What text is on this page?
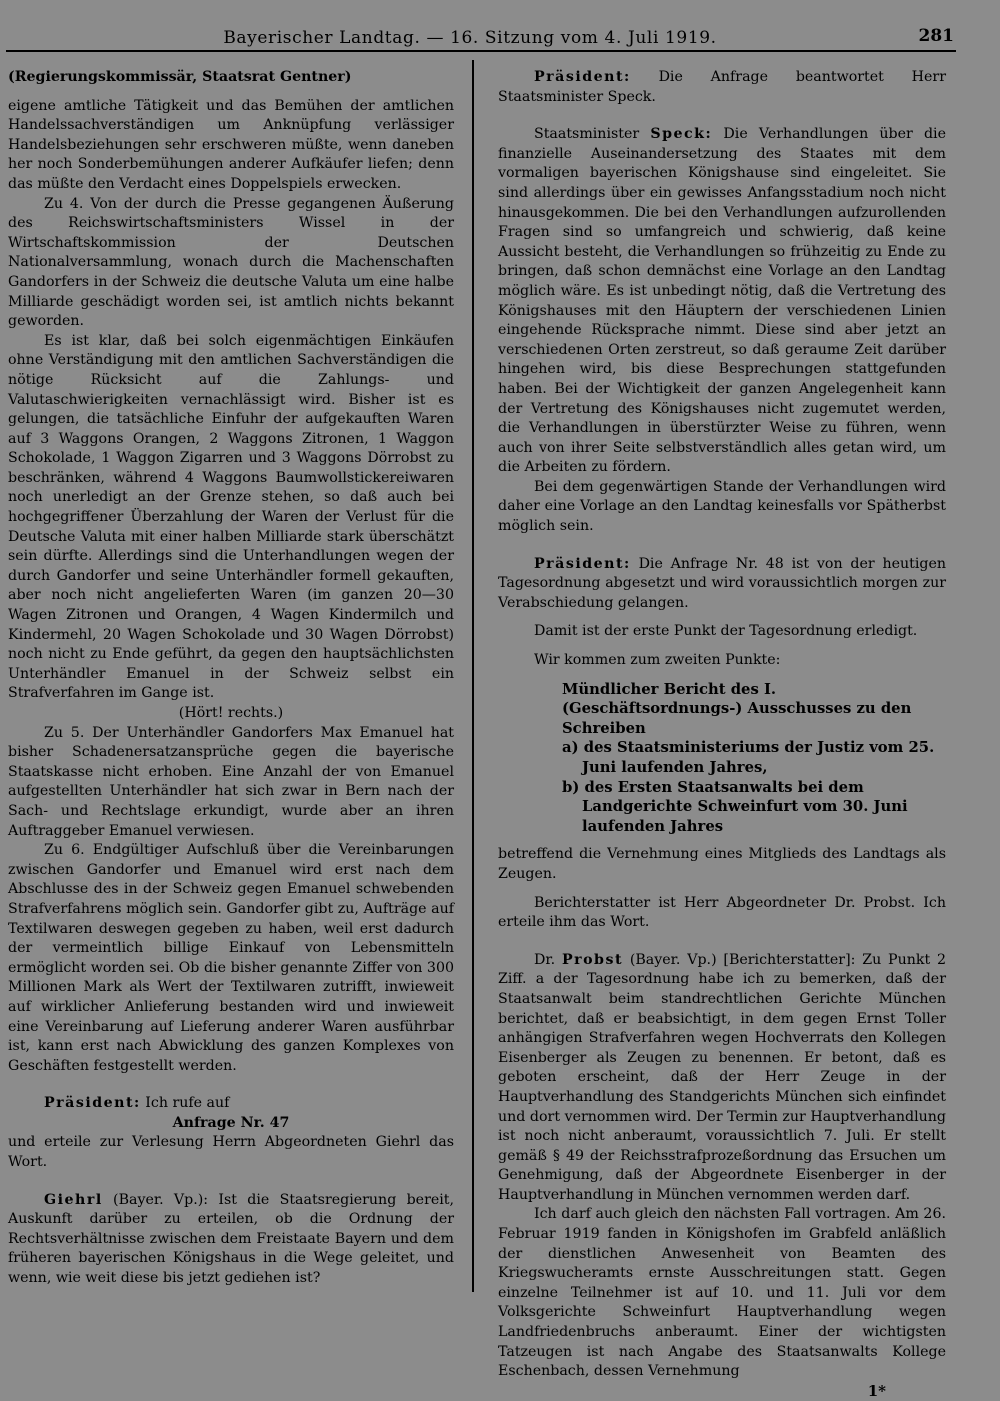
Bayerischer Landtag. — 16. Sitzung vom 4. Juli 1919.	281

(Regierungskommissär, Staatsrat Gentner)

eigene amtliche Tätigkeit und das Bemühen der amtlichen Handelssachverständigen um Anknüpfung verlässiger Handelsbeziehungen sehr erschweren müßte, wenn daneben her noch Sonderbemühungen anderer Aufkäufer liefen; denn das müßte den Verdacht eines Doppelspiels erwecken.

Zu 4. Von der durch die Presse gegangenen Äußerung des Reichswirtschaftsministers Wissel in der Wirtschaftskommission der Deutschen Nationalversammlung, wonach durch die Machenschaften Gandorfers in der Schweiz die deutsche Valuta um eine halbe Milliarde geschädigt worden sei, ist amtlich nichts bekannt geworden.

Es ist klar, daß bei solch eigenmächtigen Einkäufen ohne Verständigung mit den amtlichen Sachverständigen die nötige Rücksicht auf die Zahlungs- und Valutaschwierigkeiten vernachlässigt wird. Bisher ist es gelungen, die tatsächliche Einfuhr der aufgekauften Waren auf 3 Waggons Orangen, 2 Waggons Zitronen, 1 Waggon Schokolade, 1 Waggon Zigarren und 3 Waggons Dörrobst zu beschränken, während 4 Waggons Baumwollstickereiwaren noch unerledigt an der Grenze stehen, so daß auch bei hochgegriffener Überzahlung der Waren der Verlust für die Deutsche Valuta mit einer halben Milliarde stark überschätzt sein dürfte. Allerdings sind die Unterhandlungen wegen der durch Gandorfer und seine Unterhändler formell gekauften, aber noch nicht angelieferten Waren (im ganzen 20—30 Wagen Zitronen und Orangen, 4 Wagen Kindermilch und Kindermehl, 20 Wagen Schokolade und 30 Wagen Dörrobst) noch nicht zu Ende geführt, da gegen den hauptsächlichsten Unterhändler Emanuel in der Schweiz selbst ein Strafverfahren im Gange ist.

(Hört! rechts.)

Zu 5. Der Unterhändler Gandorfers Max Emanuel hat bisher Schadenersatzansprüche gegen die bayerische Staatskasse nicht erhoben. Eine Anzahl der von Emanuel aufgestellten Unterhändler hat sich zwar in Bern nach der Sach- und Rechtslage erkundigt, wurde aber an ihren Auftraggeber Emanuel verwiesen.

Zu 6. Endgültiger Aufschluß über die Vereinbarungen zwischen Gandorfer und Emanuel wird erst nach dem Abschlusse des in der Schweiz gegen Emanuel schwebenden Strafverfahrens möglich sein. Gandorfer gibt zu, Aufträge auf Textilwaren deswegen gegeben zu haben, weil erst dadurch der vermeintlich billige Einkauf von Lebensmitteln ermöglicht worden sei. Ob die bisher genannte Ziffer von 300 Millionen Mark als Wert der Textilwaren zutrifft, inwieweit auf wirklicher Anlieferung bestanden wird und inwieweit eine Vereinbarung auf Lieferung anderer Waren ausführbar ist, kann erst nach Abwicklung des ganzen Komplexes von Geschäften festgestellt werden.

Präsident: Ich rufe auf

Anfrage Nr. 47

und erteile zur Verlesung Herrn Abgeordneten Giehrl das Wort.

Giehrl (Bayer. Vp.): Ist die Staatsregierung bereit, Auskunft darüber zu erteilen, ob die Ordnung der Rechtsverhältnisse zwischen dem Freistaate Bayern und dem früheren bayerischen Königshaus in die Wege geleitet, und wenn, wie weit diese bis jetzt gediehen ist?

Präsident: Die Anfrage beantwortet Herr Staatsminister Speck.

Staatsminister Speck: Die Verhandlungen über die finanzielle Auseinandersetzung des Staates mit dem vormaligen bayerischen Königshause sind eingeleitet. Sie sind allerdings über ein gewisses Anfangsstadium noch nicht hinausgekommen. Die bei den Verhandlungen aufzurollenden Fragen sind so umfangreich und schwierig, daß keine Aussicht besteht, die Verhandlungen so frühzeitig zu Ende zu bringen, daß schon demnächst eine Vorlage an den Landtag möglich wäre. Es ist unbedingt nötig, daß die Vertretung des Königshauses mit den Häuptern der verschiedenen Linien eingehende Rücksprache nimmt. Diese sind aber jetzt an verschiedenen Orten zerstreut, so daß geraume Zeit darüber hingehen wird, bis diese Besprechungen stattgefunden haben. Bei der Wichtigkeit der ganzen Angelegenheit kann der Vertretung des Königshauses nicht zugemutet werden, die Verhandlungen in überstürzter Weise zu führen, wenn auch von ihrer Seite selbstverständlich alles getan wird, um die Arbeiten zu fördern.

Bei dem gegenwärtigen Stande der Verhandlungen wird daher eine Vorlage an den Landtag keinesfalls vor Spätherbst möglich sein.

Präsident: Die Anfrage Nr. 48 ist von der heutigen Tagesordnung abgesetzt und wird voraussichtlich morgen zur Verabschiedung gelangen.

Damit ist der erste Punkt der Tagesordnung erledigt.

Wir kommen zum zweiten Punkte:

Mündlicher Bericht des I. (Geschäftsordnungs-) Ausschusses zu den Schreiben

a) des Staatsministeriums der Justiz vom 25. Juni laufenden Jahres,

b) des Ersten Staatsanwalts bei dem Landgerichte Schweinfurt vom 30. Juni laufenden Jahres

betreffend die Vernehmung eines Mitglieds des Landtags als Zeugen.

Berichterstatter ist Herr Abgeordneter Dr. Probst. Ich erteile ihm das Wort.

Dr. Probst (Bayer. Vp.) [Berichterstatter]: Zu Punkt 2 Ziff. a der Tagesordnung habe ich zu bemerken, daß der Staatsanwalt beim standrechtlichen Gerichte München berichtet, daß er beabsichtigt, in dem gegen Ernst Toller anhängigen Strafverfahren wegen Hochverrats den Kollegen Eisenberger als Zeugen zu benennen. Er betont, daß es geboten erscheint, daß der Herr Zeuge in der Hauptverhandlung des Standgerichts München sich einfindet und dort vernommen wird. Der Termin zur Hauptverhandlung ist noch nicht anberaumt, voraussichtlich 7. Juli. Er stellt gemäß § 49 der Reichsstrafprozeßordnung das Ersuchen um Genehmigung, daß der Abgeordnete Eisenberger in der Hauptverhandlung in München vernommen werden darf.

Ich darf auch gleich den nächsten Fall vortragen. Am 26. Februar 1919 fanden in Königshofen im Grabfeld anläßlich der dienstlichen Anwesenheit von Beamten des Kriegswucheramts ernste Ausschreitungen statt. Gegen einzelne Teilnehmer ist auf 10. und 11. Juli vor dem Volksgerichte Schweinfurt Hauptverhandlung wegen Landfriedenbruchs anberaumt. Einer der wichtigsten Tatzeugen ist nach Angabe des Staatsanwalts Kollege Eschenbach, dessen Vernehmung

1*
